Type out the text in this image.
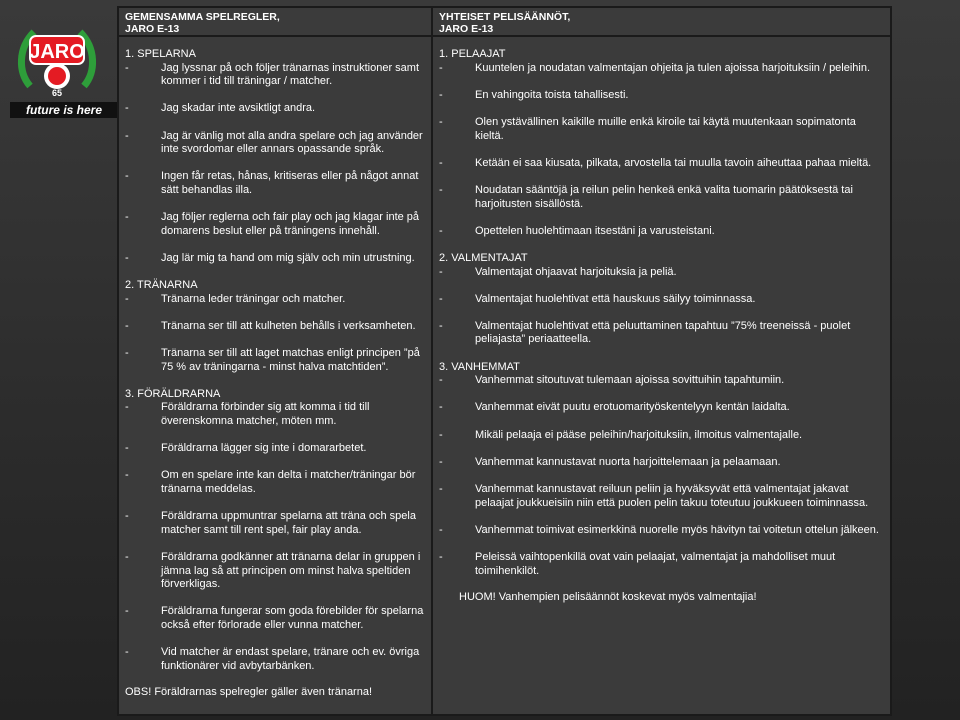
JARO
65
future is here
GEMENSAMMA SPELREGLER,
JARO E-13
1. SPELARNA
-	Jag lyssnar på och följer tränarnas instruktioner samt kommer i tid till träningar / matcher.
-	Jag skadar inte avsiktligt andra.
-	Jag är vänlig mot alla andra spelare och jag använder inte svordomar eller annars opassande språk.
-	Ingen får retas, hånas, kritiseras eller på något annat sätt behandlas illa.
-	Jag följer reglerna och fair play och jag klagar inte på domarens beslut eller på träningens innehåll.
-	Jag lär mig ta hand om mig själv och min utrustning.
2. TRÄNARNA
-	Tränarna leder träningar och matcher.
-	Tränarna ser till att kulheten behålls i verksamheten.
-	Tränarna ser till att laget matchas enligt principen ”på 75 % av träningarna - minst halva matchtiden”.
3. FÖRÄLDRARNA
-	Föräldrarna förbinder sig att komma i tid till överenskomna matcher, möten mm.
-	Föräldrarna lägger sig inte i domararbetet.
-	Om en spelare inte kan delta i matcher/träningar bör tränarna meddelas.
-	Föräldrarna uppmuntrar spelarna att träna och spela matcher samt till rent spel, fair play anda.
-	Föräldrarna godkänner att tränarna delar in gruppen i jämna lag så att principen om minst halva speltiden förverkligas.
-	Föräldrarna fungerar som goda förebilder för spelarna också efter förlorade eller vunna matcher.
-	Vid matcher är endast spelare, tränare och ev. övriga funktionärer vid avbytarbänken.
OBS! Föräldrarnas spelregler gäller även tränarna!
YHTEISET PELISÄÄNNÖT,
JARO E-13
1. PELAAJAT
-	Kuuntelen ja noudatan valmentajan ohjeita ja tulen ajoissa harjoituksiin / peleihin.
-	En vahingoita toista tahallisesti.
-	Olen ystävällinen kaikille muille enkä kiroile tai käytä muutenkaan sopimatonta kieltä.
-	Ketään ei saa kiusata, pilkata, arvostella tai muulla tavoin aiheuttaa pahaa mieltä.
-	Noudatan sääntöjä ja reilun pelin henkeä enkä valita tuomarin päätöksestä tai harjoitusten sisällöstä.
-	Opettelen huolehtimaan itsestäni ja varusteistani.
2. VALMENTAJAT
-	Valmentajat ohjaavat harjoituksia ja peliä.
-	Valmentajat huolehtivat että hauskuus säilyy toiminnassa.
-	Valmentajat huolehtivat että peluuttaminen tapahtuu ”75% treeneissä - puolet peliajasta” periaatteella.
3. VANHEMMAT
-	Vanhemmat sitoutuvat tulemaan ajoissa sovittuihin tapahtumiin.
-	Vanhemmat eivät puutu erotuomarityöskentelyyn kentän laidalta.
-	Mikäli pelaaja ei pääse peleihin/harjoituksiin, ilmoitus valmentajalle.
-	Vanhemmat kannustavat nuorta harjoittelemaan ja pelaamaan.
-	Vanhemmat kannustavat reiluun peliin ja hyväksyvät että valmentajat jakavat pelaajat joukkueisiin niin että puolen pelin takuu toteutuu joukkueen toiminnassa.
-	Vanhemmat toimivat esimerkkinä nuorelle myös hävityn tai voitetun ottelun jälkeen.
-	Peleissä vaihtopenkillä ovat vain pelaajat, valmentajat ja mahdolliset muut toimihenkilöt.
HUOM! Vanhempien pelisäännöt koskevat myös valmentajia!
